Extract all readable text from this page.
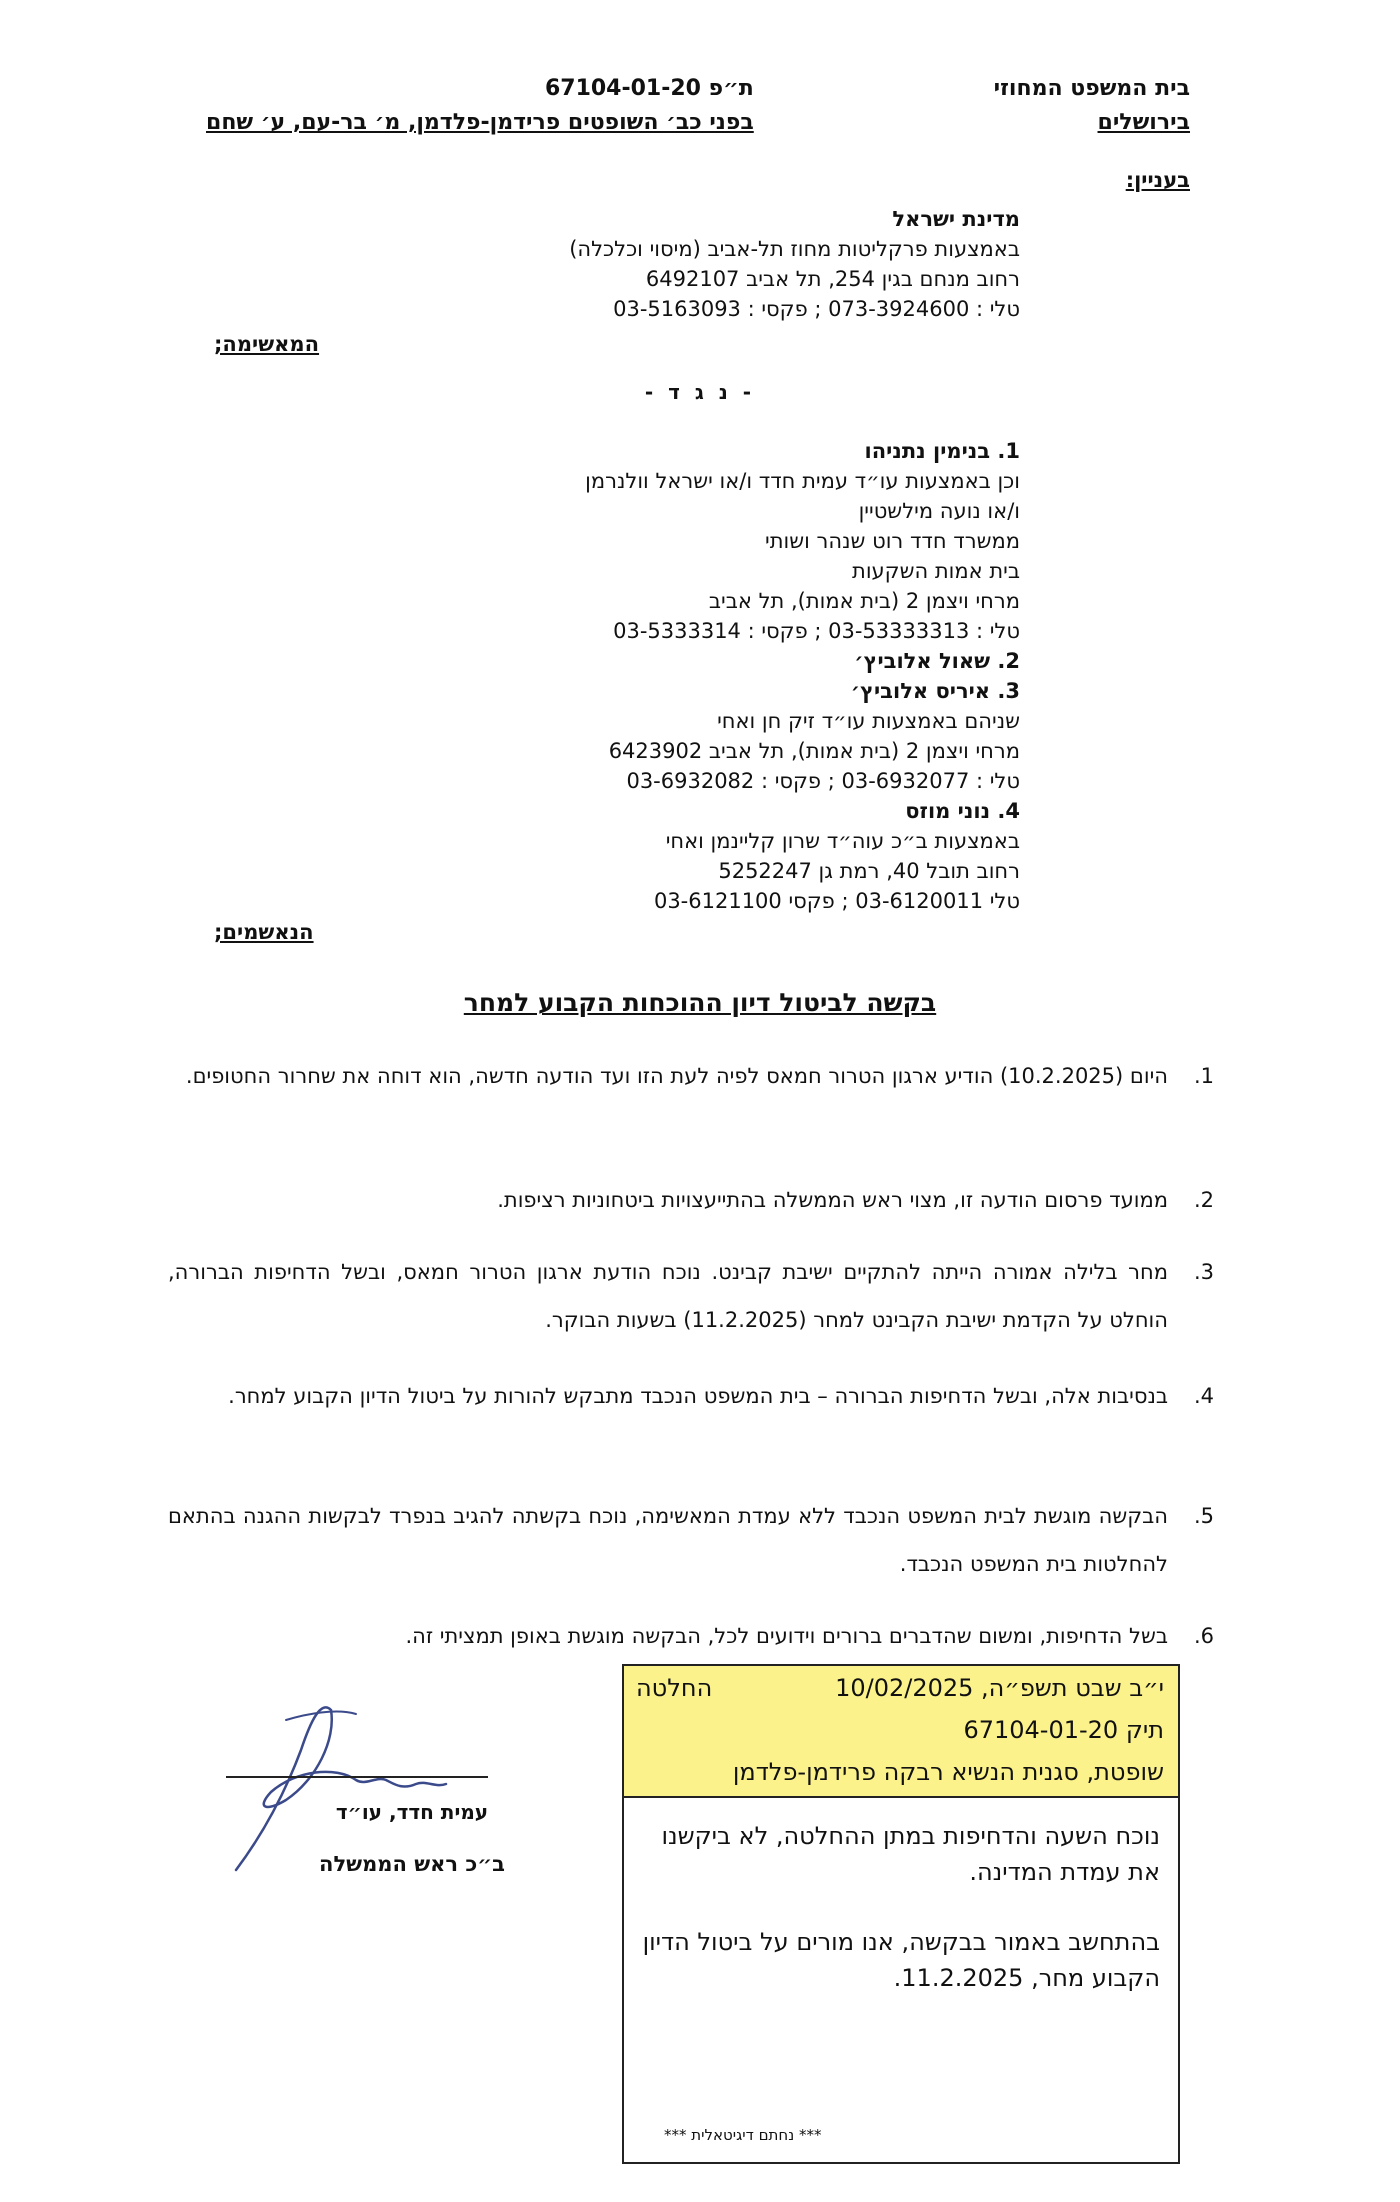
בית המשפט המחוזי
בירושלים
ת״פ 67104-01-20
בפני כב׳ השופטים פרידמן-פלדמן, מ׳ בר-עם, ע׳ שחם
בעניין:
מדינת ישראל
באמצעות פרקליטות מחוז תל-אביב (מיסוי וכלכלה)
רחוב מנחם בגין 254, תל אביב 6492107
טלי : 073-3924600 ; פקסי : 03-5163093
המאשימה;
- נ ג ד -
1. בנימין נתניהו
וכן באמצעות עו״ד עמית חדד ו/או ישראל וולנרמן
ו/או נועה מילשטיין
ממשרד חדד רוט שנהר ושותי
בית אמות השקעות
מרחי ויצמן 2 (בית אמות), תל אביב
טלי : 03-53333313 ; פקסי : 03-5333314
2. שאול אלוביץ׳
3. איריס אלוביץ׳
שניהם באמצעות עו״ד זיק חן ואחי
מרחי ויצמן 2 (בית אמות), תל אביב 6423902
טלי : 03-6932077 ; פקסי : 03-6932082
4. נוני מוזס
באמצעות ב״כ עוה״ד שרון קליינמן ואחי
רחוב תובל 40, רמת גן 5252247
טלי 03-6120011 ; פקסי 03-6121100
הנאשמים;
בקשה לביטול דיון ההוכחות הקבוע למחר
1.
היום (10.2.2025) הודיע ארגון הטרור חמאס לפיה לעת הזו ועד הודעה חדשה, הוא דוחה את שחרור החטופים.
2.
ממועד פרסום הודעה זו, מצוי ראש הממשלה בהתייעצויות ביטחוניות רציפות.
3.
מחר בלילה אמורה הייתה להתקיים ישיבת קבינט. נוכח הודעת ארגון הטרור חמאס, ובשל הדחיפות הברורה, הוחלט על הקדמת ישיבת הקבינט למחר (11.2.2025) בשעות הבוקר.
4.
בנסיבות אלה, ובשל הדחיפות הברורה – בית המשפט הנכבד מתבקש להורות על ביטול הדיון הקבוע למחר.
5.
הבקשה מוגשת לבית המשפט הנכבד ללא עמדת המאשימה, נוכח בקשתה להגיב בנפרד לבקשות ההגנה בהתאם להחלטות בית המשפט הנכבד.
6.
בשל הדחיפות, ומשום שהדברים ברורים וידועים לכל, הבקשה מוגשת באופן תמציתי זה.
עמית חדד, עו״ד
ב״כ ראש הממשלה
י״ב שבט תשפ״ה, 10/02/2025
החלטה
תיק 67104-01-20
שופטת, סגנית הנשיא רבקה פרידמן-פלדמן

נוכח השעה והדחיפות במתן ההחלטה, לא ביקשנו את עמדת המדינה.

בהתחשב באמור בבקשה, אנו מורים על ביטול הדיון הקבוע מחר, 11.2.2025.

*** נחתם דיגיטאלית ***
